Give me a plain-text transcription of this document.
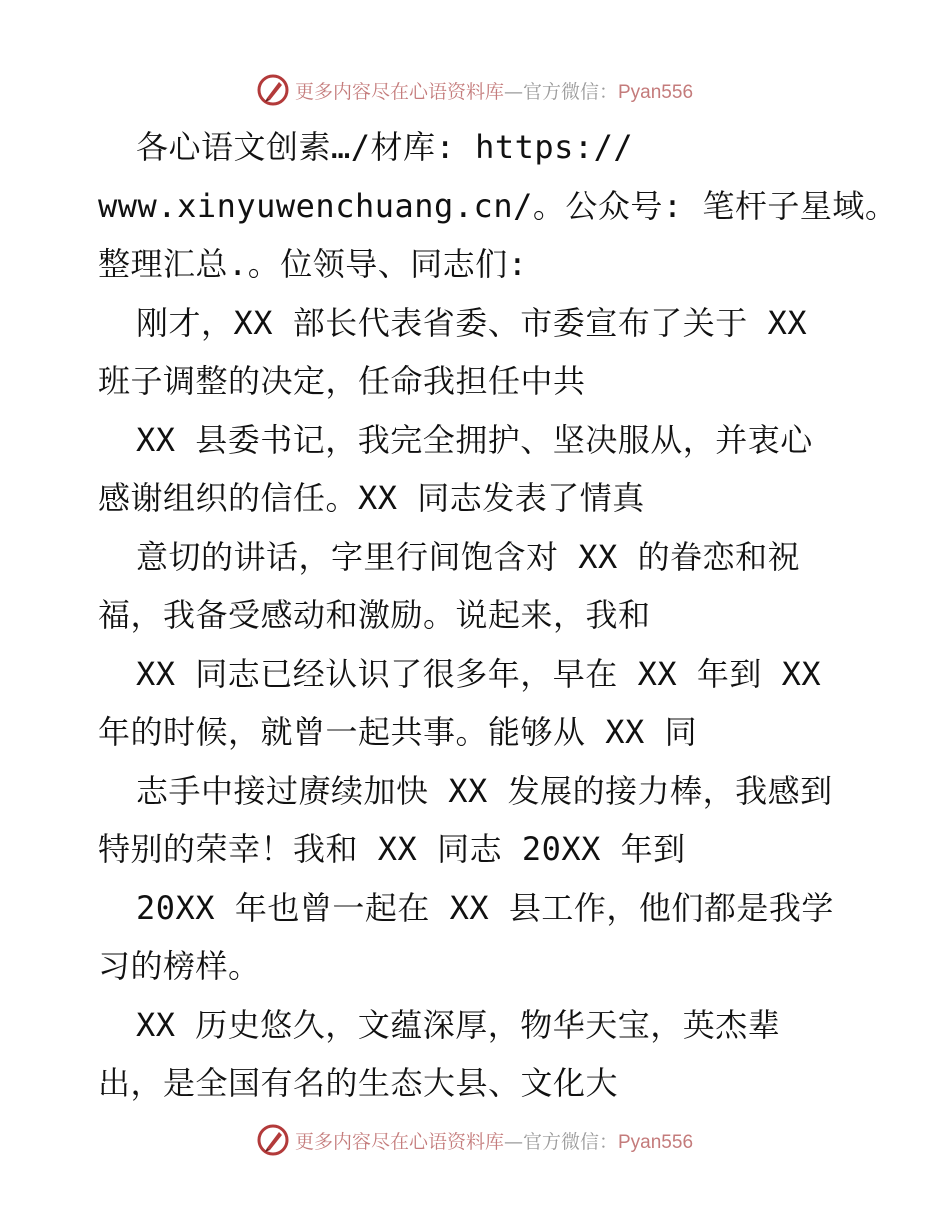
更多内容尽在心语资料库—官方微信：Pyan556
各心语文创素…/材库: https://
www.xinyuwenchuang.cn/。公众号: 笔杆子星域。
整理汇总.。位领导、同志们:
刚才，XX 部长代表省委、市委宣布了关于 XX
班子调整的决定，任命我担任中共
XX 县委书记，我完全拥护、坚决服从，并衷心
感谢组织的信任。XX 同志发表了情真
意切的讲话，字里行间饱含对 XX 的眷恋和祝
福，我备受感动和激励。说起来，我和
XX 同志已经认识了很多年，早在 XX 年到 XX
年的时候，就曾一起共事。能够从 XX 同
志手中接过赓续加快 XX 发展的接力棒，我感到
特别的荣幸！我和 XX 同志 20XX 年到
20XX 年也曾一起在 XX 县工作，他们都是我学
习的榜样。
XX 历史悠久，文蕴深厚，物华天宝，英杰辈
出，是全国有名的生态大县、文化大
更多内容尽在心语资料库—官方微信：Pyan556
